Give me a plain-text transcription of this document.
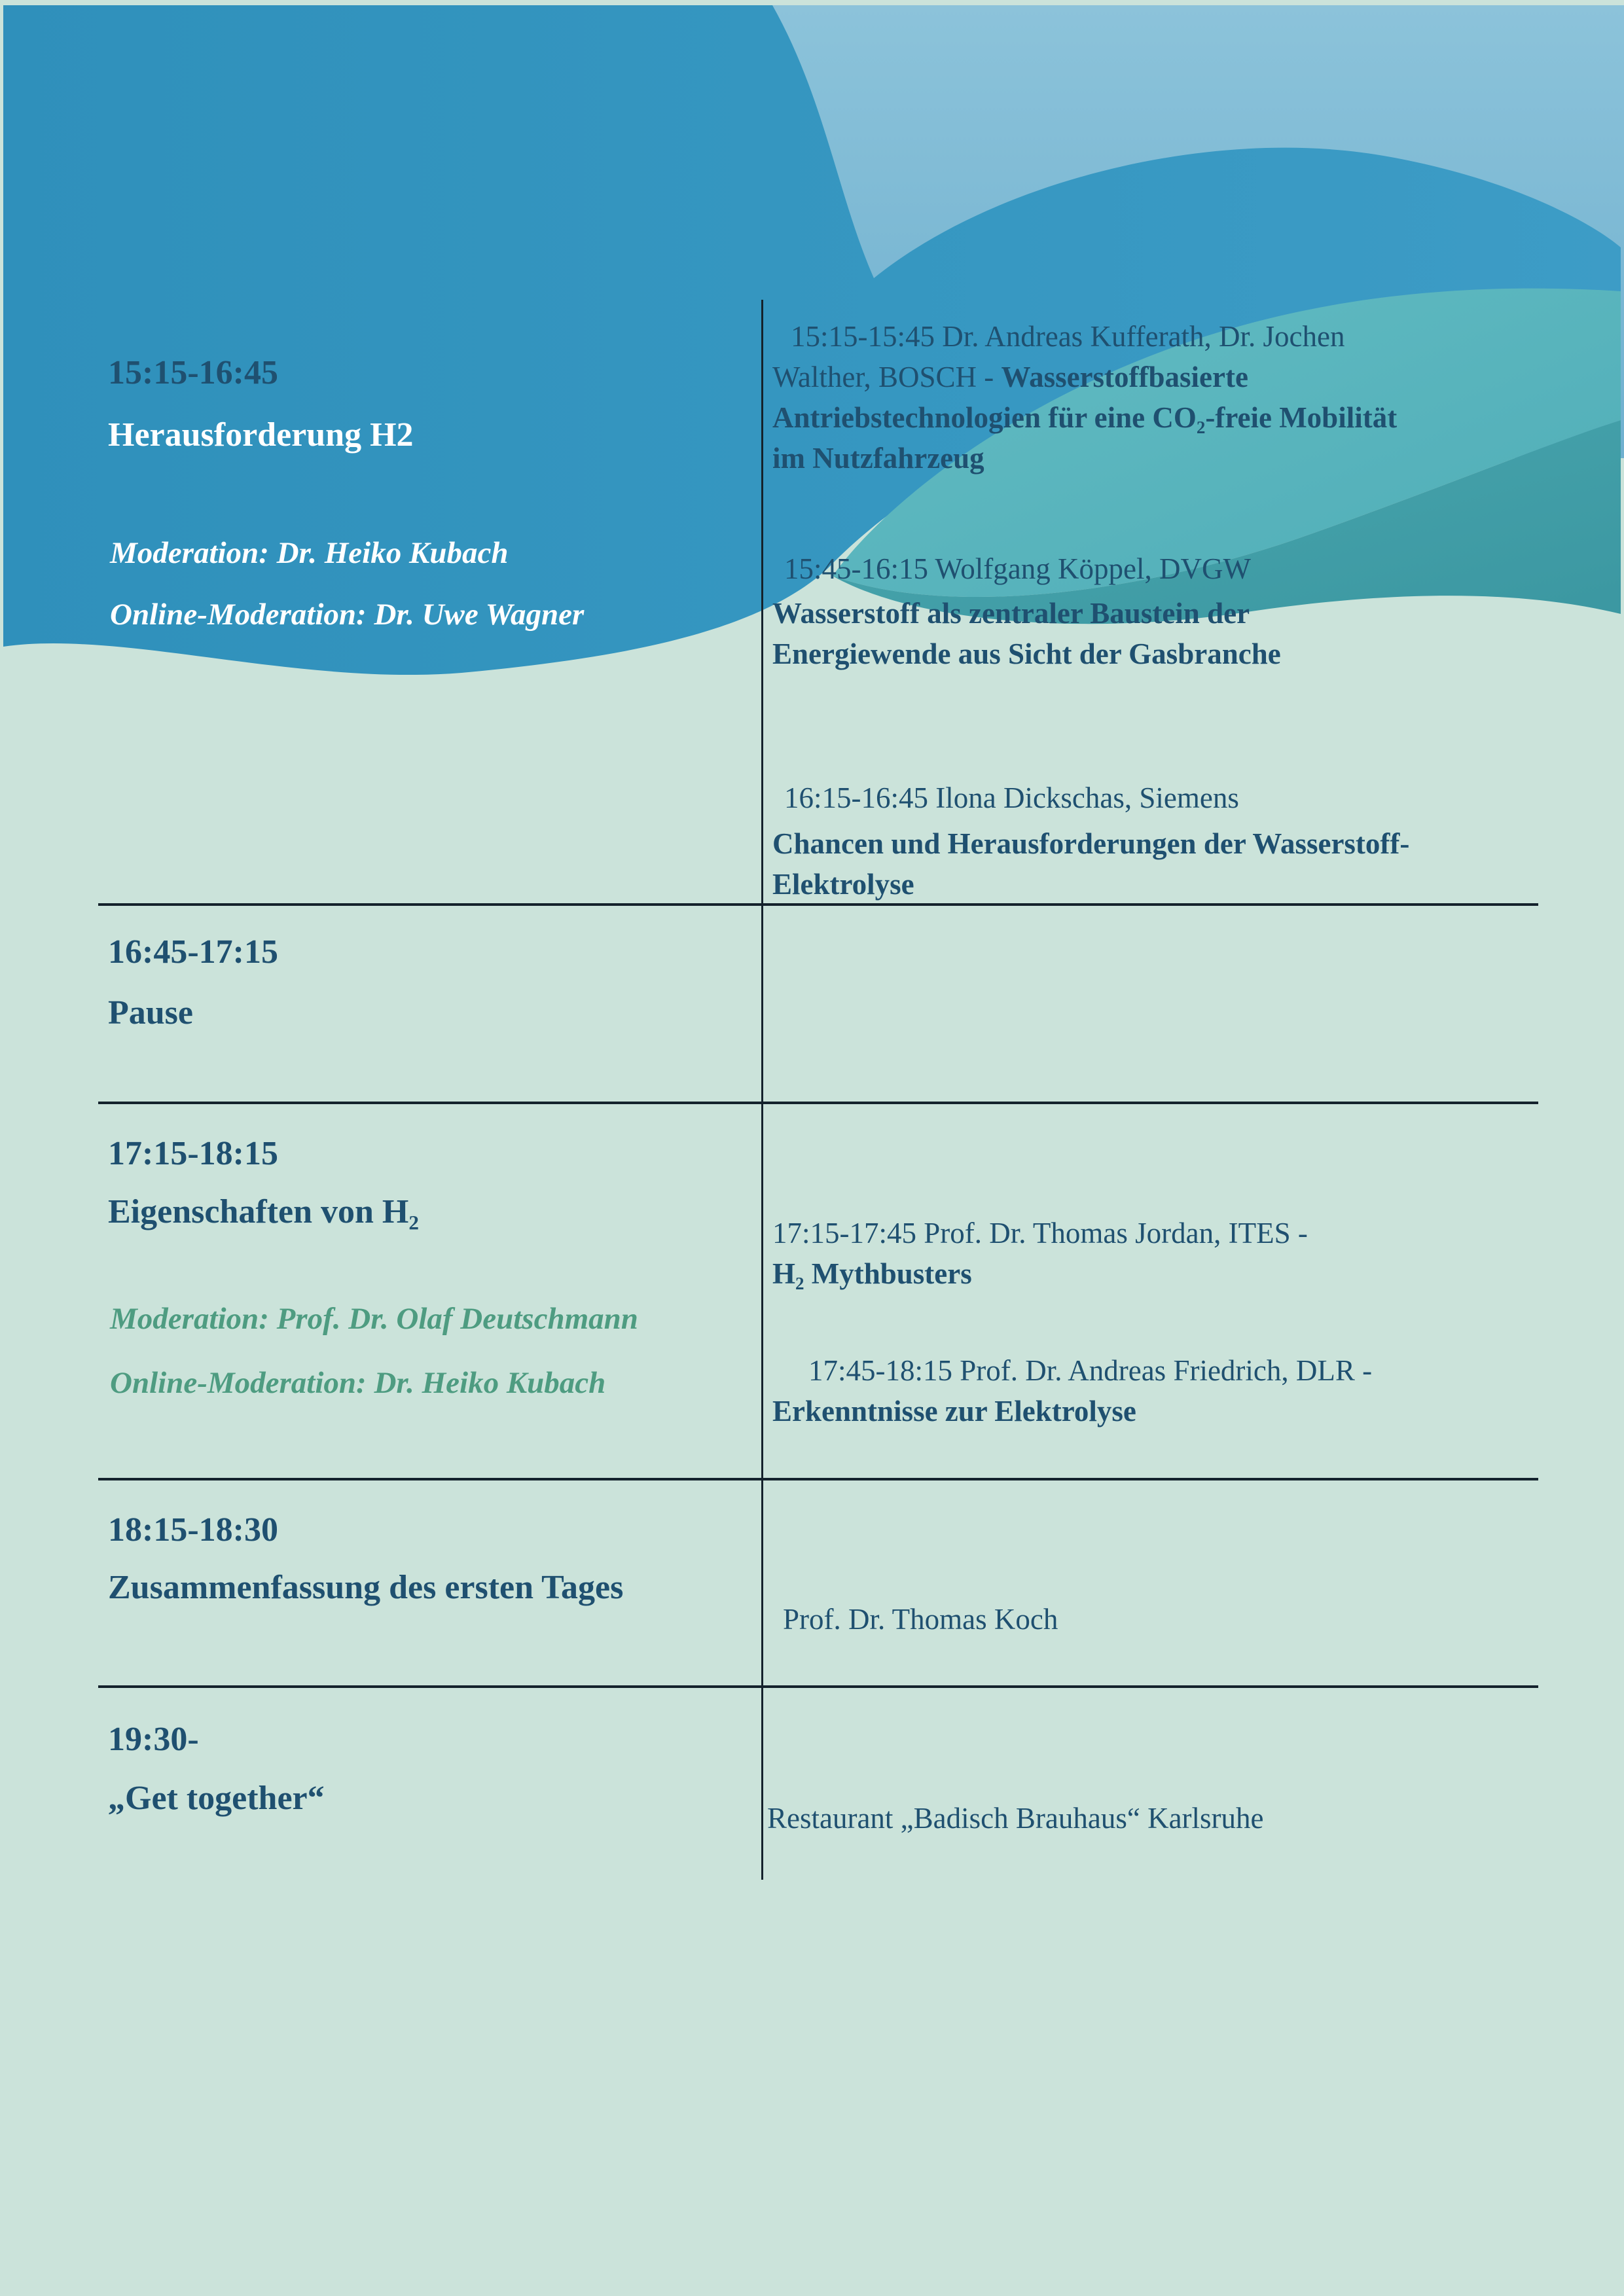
15:15-16:45
Herausforderung H2
Moderation: Dr. Heiko Kubach
Online-Moderation: Dr. Uwe Wagner
15:15-15:45 Dr. Andreas Kufferath, Dr. Jochen
Walther, BOSCH - Wasserstoffbasierte
Antriebstechnologien für eine CO₂-freie Mobilität
im Nutzfahrzeug
15:45-16:15 Wolfgang Köppel, DVGW
Wasserstoff als zentraler Baustein der
Energiewende aus Sicht der Gasbranche
16:15-16:45 Ilona Dickschas, Siemens
Chancen und Herausforderungen der Wasserstoff-
Elektrolyse
16:45-17:15
Pause
17:15-18:15
Eigenschaften von H₂
Moderation: Prof. Dr. Olaf Deutschmann
Online-Moderation: Dr. Heiko Kubach
17:15-17:45 Prof. Dr. Thomas Jordan, ITES -
H₂ Mythbusters
17:45-18:15 Prof. Dr. Andreas Friedrich, DLR -
Erkenntnisse zur Elektrolyse
18:15-18:30
Zusammenfassung des ersten Tages
Prof. Dr. Thomas Koch
19:30-
„Get together“
Restaurant „Badisch Brauhaus“ Karlsruhe
